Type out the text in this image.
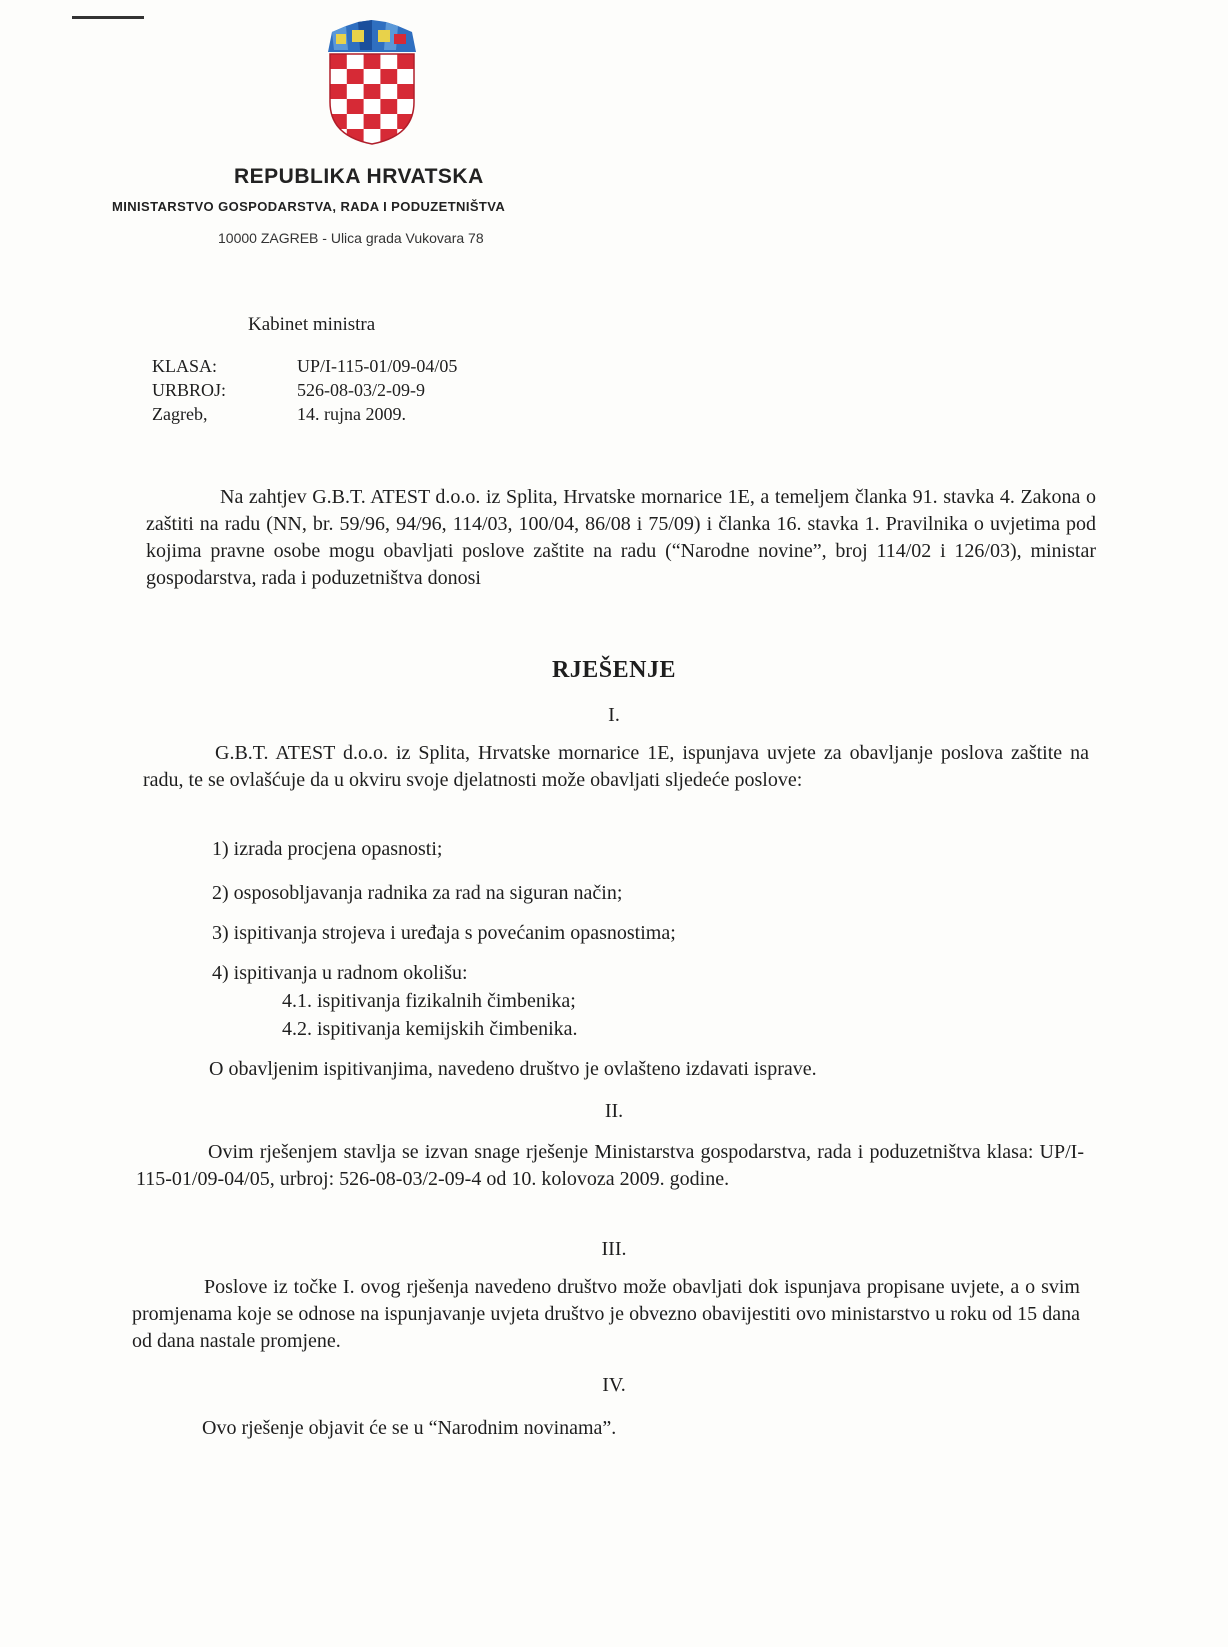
REPUBLIKA HRVATSKA
MINISTARSTVO GOSPODARSTVA, RADA I PODUZETNIŠTVA
10000 ZAGREB - Ulica grada Vukovara 78
Kabinet ministra
KLASA:	UP/I-115-01/09-04/05
URBROJ:	526-08-03/2-09-9
Zagreb,	14. rujna 2009.

Na zahtjev G.B.T. ATEST d.o.o. iz Splita, Hrvatske mornarice 1E, a temeljem članka 91. stavka 4. Zakona o zaštiti na radu (NN, br. 59/96, 94/96, 114/03, 100/04, 86/08 i 75/09) i članka 16. stavka 1. Pravilnika o uvjetima pod kojima pravne osobe mogu obavljati poslove zaštite na radu (“Narodne novine”, broj 114/02 i 126/03), ministar gospodarstva, rada i poduzetništva donosi

RJEŠENJE
I.

G.B.T. ATEST d.o.o. iz Splita, Hrvatske mornarice 1E, ispunjava uvjete za obavljanje poslova zaštite na radu, te se ovlašćuje da u okviru svoje djelatnosti može obavljati sljedeće poslove:

1) izrada procjena opasnosti;
2) osposobljavanja radnika za rad na siguran način;
3) ispitivanja strojeva i uređaja s povećanim opasnostima;
4) ispitivanja u radnom okolišu:
4.1. ispitivanja fizikalnih čimbenika;
4.2. ispitivanja kemijskih čimbenika.
O obavljenim ispitivanjima, navedeno društvo je ovlašteno izdavati isprave.
II.

Ovim rješenjem stavlja se izvan snage rješenje Ministarstva gospodarstva, rada i poduzetništva klasa: UP/I-115-01/09-04/05, urbroj: 526-08-03/2-09-4 od 10. kolovoza 2009. godine.

III.

Poslove iz točke I. ovog rješenja navedeno društvo može obavljati dok ispunjava propisane uvjete, a o svim promjenama koje se odnose na ispunjavanje uvjeta društvo je obvezno obavijestiti ovo ministarstvo u roku od 15 dana od dana nastale promjene.

IV.
Ovo rješenje objavit će se u “Narodnim novinama”.
